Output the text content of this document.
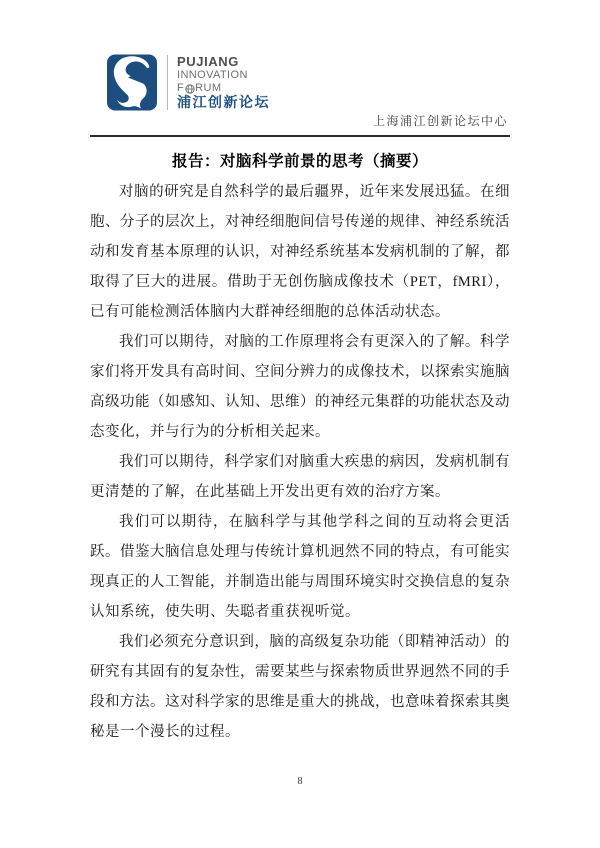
PUJIANG
INNOVATION
F RUM
浦江创新论坛
上海浦江创新论坛中心
报告：对脑科学前景的思考（摘要）

对脑的研究是自然科学的最后疆界，近年来发展迅猛。在细胞、分子的层次上，对神经细胞间信号传递的规律、神经系统活动和发育基本原理的认识，对神经系统基本发病机制的了解，都取得了巨大的进展。借助于无创伤脑成像技术（PET，fMRI），已有可能检测活体脑内大群神经细胞的总体活动状态。

我们可以期待，对脑的工作原理将会有更深入的了解。科学家们将开发具有高时间、空间分辨力的成像技术，以探索实施脑高级功能（如感知、认知、思维）的神经元集群的功能状态及动态变化，并与行为的分析相关起来。

我们可以期待，科学家们对脑重大疾患的病因，发病机制有更清楚的了解，在此基础上开发出更有效的治疗方案。

我们可以期待，在脑科学与其他学科之间的互动将会更活跃。借鉴大脑信息处理与传统计算机迥然不同的特点，有可能实现真正的人工智能，并制造出能与周围环境实时交换信息的复杂认知系统，使失明、失聪者重获视听觉。

我们必须充分意识到，脑的高级复杂功能（即精神活动）的研究有其固有的复杂性，需要某些与探索物质世界迥然不同的手段和方法。这对科学家的思维是重大的挑战，也意味着探索其奥秘是一个漫长的过程。

8
